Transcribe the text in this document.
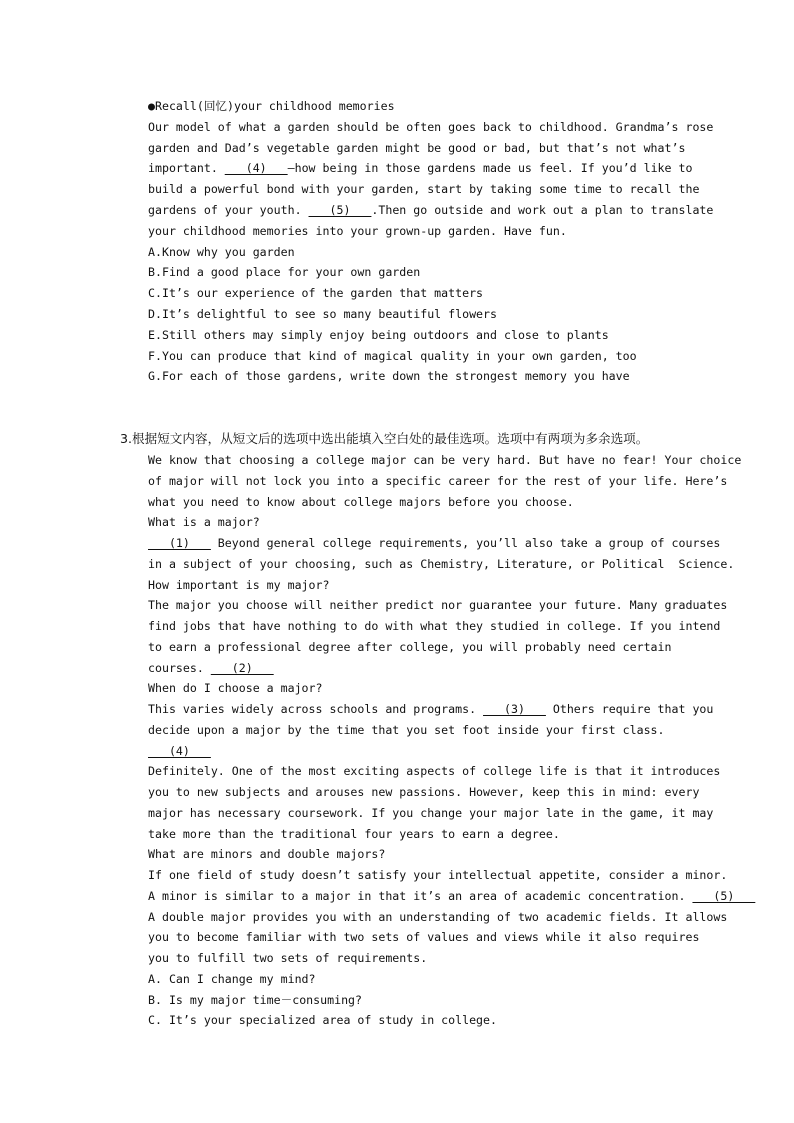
●Recall(回忆)your childhood memories
Our model of what a garden should be often goes back to childhood. Grandma’s rose
garden and Dad’s vegetable garden might be good or bad, but that’s not what’s
important. ___(4)___—how being in those gardens made us feel. If you’d like to
build a powerful bond with your garden, start by taking some time to recall the
gardens of your youth. ___(5)___.Then go outside and work out a plan to translate
your childhood memories into your grown-up garden. Have fun.
A.Know why you garden
B.Find a good place for your own garden
C.It’s our experience of the garden that matters
D.It’s delightful to see so many beautiful flowers
E.Still others may simply enjoy being outdoors and close to plants
F.You can produce that kind of magical quality in your own garden, too
G.For each of those gardens, write down the strongest memory you have
3.根据短文内容，从短文后的选项中选出能填入空白处的最佳选项。选项中有两项为多余选项。
We know that choosing a college major can be very hard. But have no fear! Your choice
of major will not lock you into a specific career for the rest of your life. Here’s
what you need to know about college majors before you choose.
What is a major?
___(1)___ Beyond general college requirements, you’ll also take a group of courses
in a subject of your choosing, such as Chemistry, Literature, or Political  Science.
How important is my major?
The major you choose will neither predict nor guarantee your future. Many graduates
find jobs that have nothing to do with what they studied in college. If you intend
to earn a professional degree after college, you will probably need certain
courses. ___(2)___
When do I choose a major?
This varies widely across schools and programs. ___(3)___ Others require that you
decide upon a major by the time that you set foot inside your first class.
___(4)___
Definitely. One of the most exciting aspects of college life is that it introduces
you to new subjects and arouses new passions. However, keep this in mind: every
major has necessary coursework. If you change your major late in the game, it may
take more than the traditional four years to earn a degree.
What are minors and double majors?
If one field of study doesn’t satisfy your intellectual appetite, consider a minor.
A minor is similar to a major in that it’s an area of academic concentration. ___(5)___
A double major provides you with an understanding of two academic fields. It allows
you to become familiar with two sets of values and views while it also requires
you to fulfill two sets of requirements.
A. Can I change my mind?
B. Is my major time－consuming?
C. It’s your specialized area of study in college.
